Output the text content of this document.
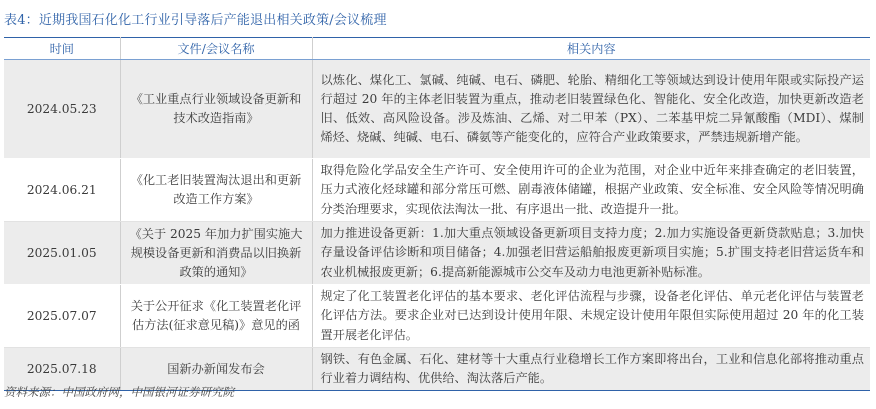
表4：近期我国石化化工行业引导落后产能退出相关政策/会议梳理
时间	文件/会议名称	相关内容
2024.05.23	《工业重点行业领域设备更新和技术改造指南》	以炼化、煤化工、氯碱、纯碱、电石、磷肥、轮胎、精细化工等领域达到设计使用年限或实际投产运行超过 20 年的主体老旧装置为重点，推动老旧装置绿色化、智能化、安全化改造，加快更新改造老旧、低效、高风险设备。涉及炼油、乙烯、对二甲苯（PX）、二苯基甲烷二异氰酸酯（MDI）、煤制烯烃、烧碱、纯碱、电石、磷氨等产能变化的，应符合产业政策要求，严禁违规新增产能。
2024.06.21	《化工老旧装置淘汰退出和更新改造工作方案》	取得危险化学品安全生产许可、安全使用许可的企业为范围，对企业中近年来排查确定的老旧装置，压力式液化烃球罐和部分常压可燃、剧毒液体储罐，根据产业政策、安全标准、安全风险等情况明确分类治理要求，实现依法淘汰一批、有序退出一批、改造提升一批。
2025.01.05	《关于 2025 年加力扩围实施大规模设备更新和消费品以旧换新政策的通知》	加力推进设备更新：1.加大重点领域设备更新项目支持力度；2.加力实施设备更新贷款贴息；3.加快存量设备评估诊断和项目储备；4.加强老旧营运船舶报废更新项目实施；5.扩围支持老旧营运货车和农业机械报废更新；6.提高新能源城市公交车及动力电池更新补贴标准。
2025.07.07	关于公开征求《化工装置老化评估方法(征求意见稿)》意见的函	规定了化工装置老化评估的基本要求、老化评估流程与步骤，设备老化评估、单元老化评估与装置老化评估方法。要求企业对已达到设计使用年限、未规定设计使用年限但实际使用超过 20 年的化工装置开展老化评估。
2025.07.18	国新办新闻发布会	钢铁、有色金属、石化、建材等十大重点行业稳增长工作方案即将出台，工业和信息化部将推动重点行业着力调结构、优供给、淘汰落后产能。
资料来源：中国政府网，中国银河证券研究院
